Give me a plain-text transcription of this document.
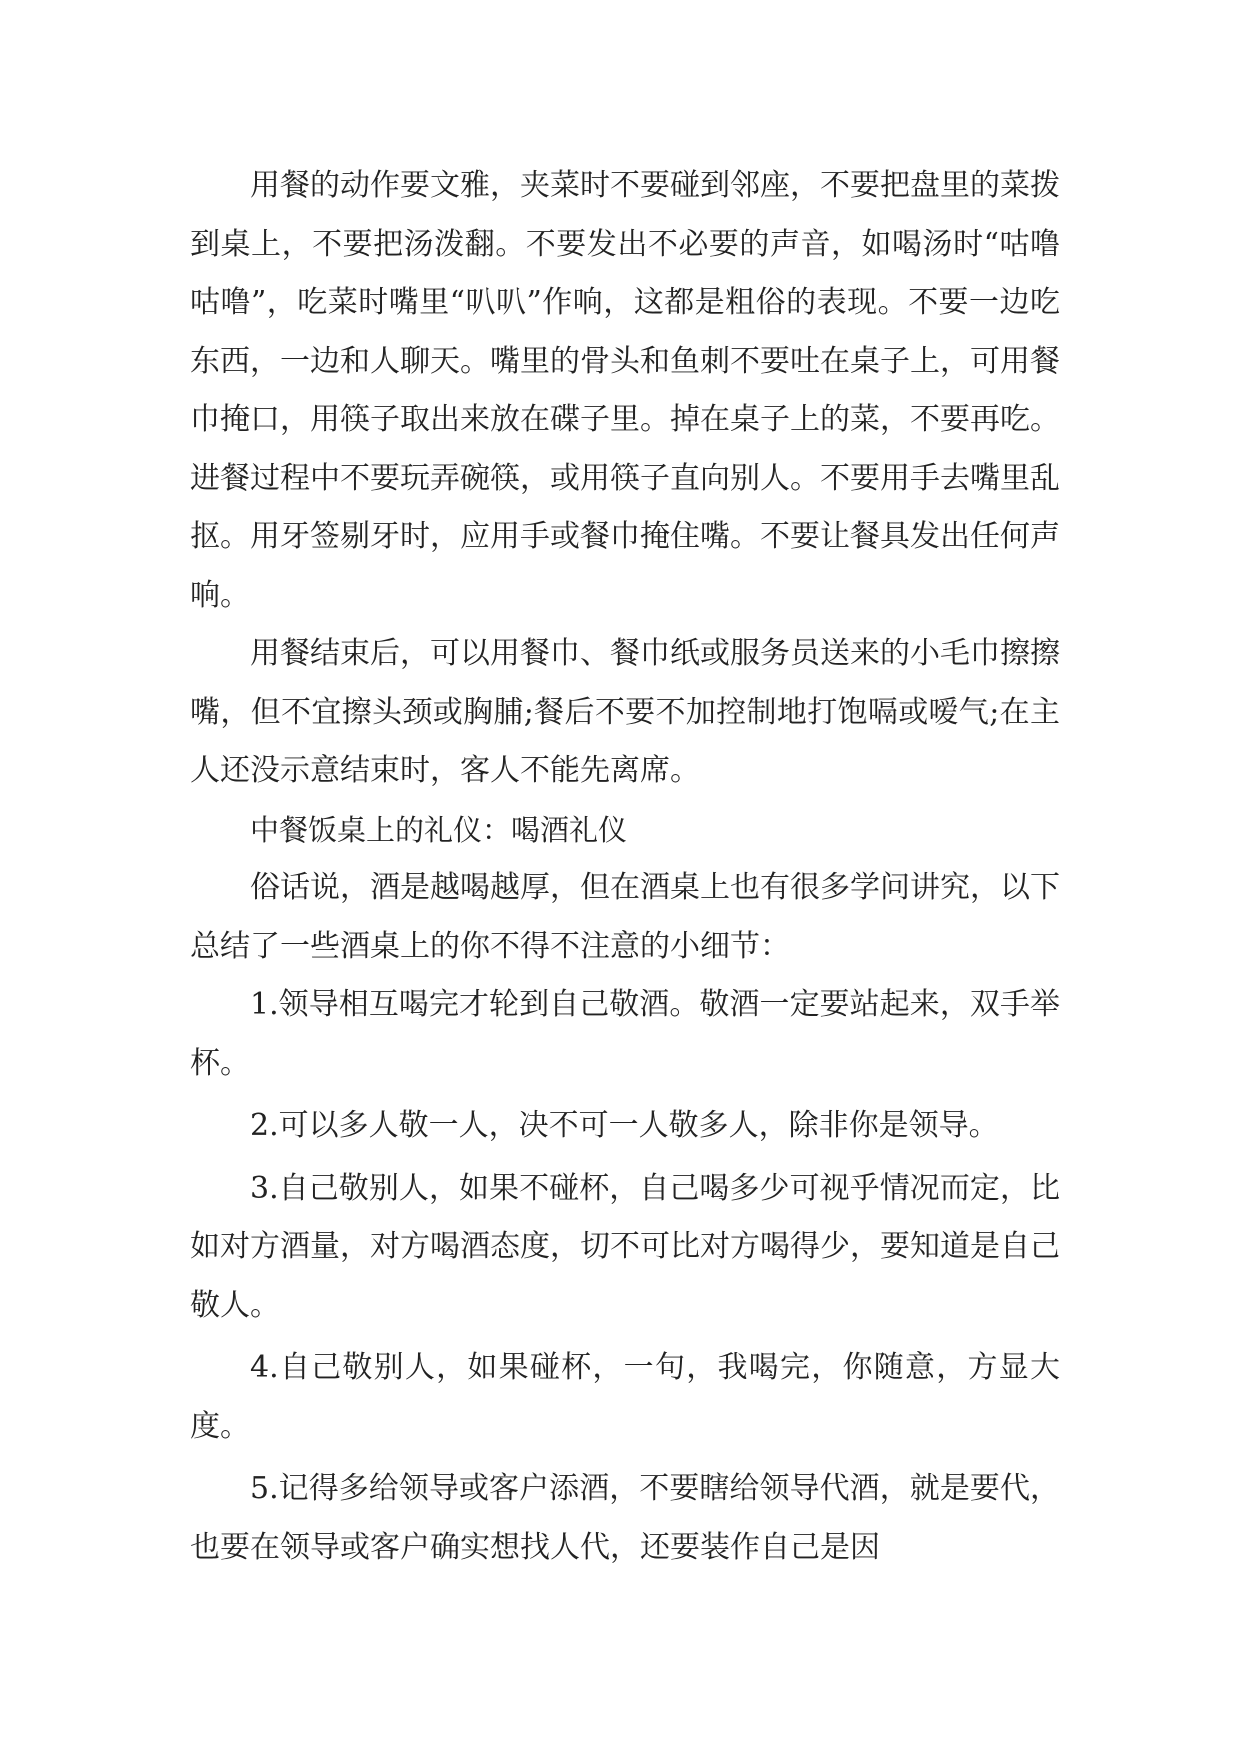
用餐的动作要文雅，夹菜时不要碰到邻座，不要把盘里的菜拨到桌上，不要把汤泼翻。不要发出不必要的声音，如喝汤时“咕噜咕噜”，吃菜时嘴里“叭叭”作响，这都是粗俗的表现。不要一边吃东西，一边和人聊天。嘴里的骨头和鱼刺不要吐在桌子上，可用餐巾掩口，用筷子取出来放在碟子里。掉在桌子上的菜，不要再吃。进餐过程中不要玩弄碗筷，或用筷子直向别人。不要用手去嘴里乱抠。用牙签剔牙时，应用手或餐巾掩住嘴。不要让餐具发出任何声响。

用餐结束后，可以用餐巾、餐巾纸或服务员送来的小毛巾擦擦嘴，但不宜擦头颈或胸脯;餐后不要不加控制地打饱嗝或嗳气;在主人还没示意结束时，客人不能先离席。

中餐饭桌上的礼仪：喝酒礼仪

俗话说，酒是越喝越厚，但在酒桌上也有很多学问讲究，以下总结了一些酒桌上的你不得不注意的小细节：

1.领导相互喝完才轮到自己敬酒。敬酒一定要站起来，双手举杯。

2.可以多人敬一人，决不可一人敬多人，除非你是领导。

3.自己敬别人，如果不碰杯，自己喝多少可视乎情况而定，比如对方酒量，对方喝酒态度，切不可比对方喝得少，要知道是自己敬人。

4.自己敬别人，如果碰杯，一句，我喝完，你随意，方显大度。

5.记得多给领导或客户添酒，不要瞎给领导代酒，就是要代，也要在领导或客户确实想找人代，还要装作自己是因
